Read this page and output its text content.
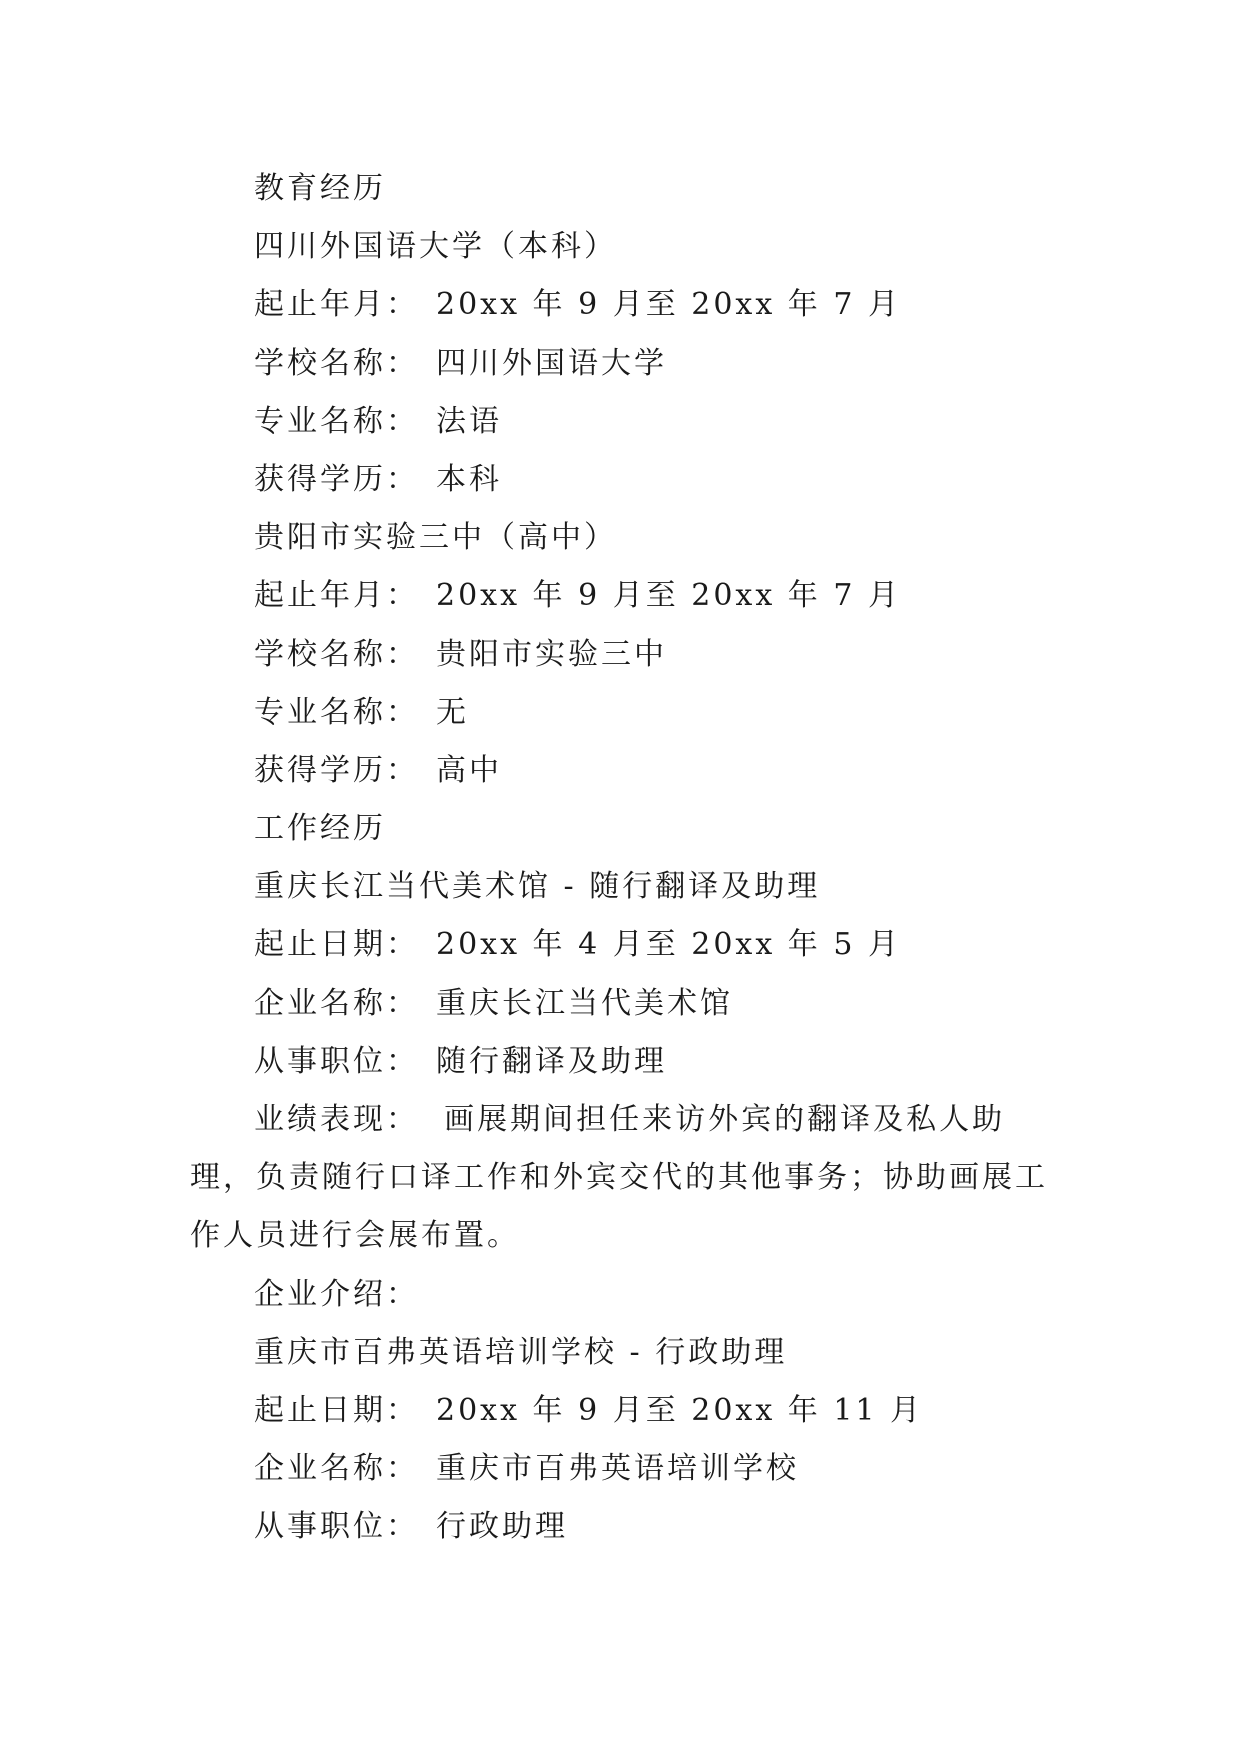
教育经历
四川外国语大学（本科）
起止年月： 20xx 年 9 月至 20xx 年 7 月
学校名称： 四川外国语大学
专业名称： 法语
获得学历： 本科
贵阳市实验三中（高中）
起止年月： 20xx 年 9 月至 20xx 年 7 月
学校名称： 贵阳市实验三中
专业名称： 无
获得学历： 高中
工作经历
重庆长江当代美术馆 - 随行翻译及助理
起止日期： 20xx 年 4 月至 20xx 年 5 月
企业名称： 重庆长江当代美术馆
从事职位： 随行翻译及助理
业绩表现： 画展期间担任来访外宾的翻译及私人助理，负责随行口译工作和外宾交代的其他事务；协助画展工作人员进行会展布置。
企业介绍：
重庆市百弗英语培训学校 - 行政助理
起止日期： 20xx 年 9 月至 20xx 年 11 月
企业名称： 重庆市百弗英语培训学校
从事职位： 行政助理
